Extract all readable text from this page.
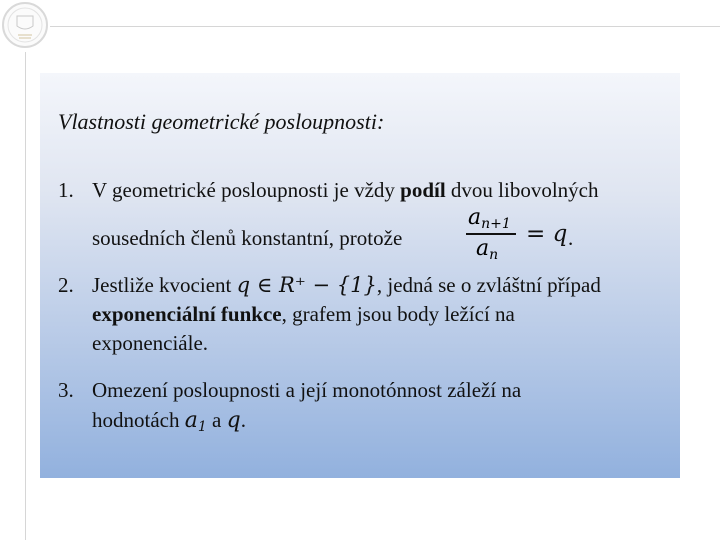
Vlastnosti geometrické posloupnosti:
1. V geometrické posloupnosti je vždy podíl dvou libovolných
sousedních členů konstantní, protože
$a_{n+1}$
$a_n$
= q .
2. Jestliže kvocient q ∈ R⁺ − {1}, jedná se o zvláštní případ
exponenciální funkce, grafem jsou body ležící na
exponenciále.
3. Omezení posloupnosti a její monotónnost záleží na
hodnotách $a_1$ a q.
